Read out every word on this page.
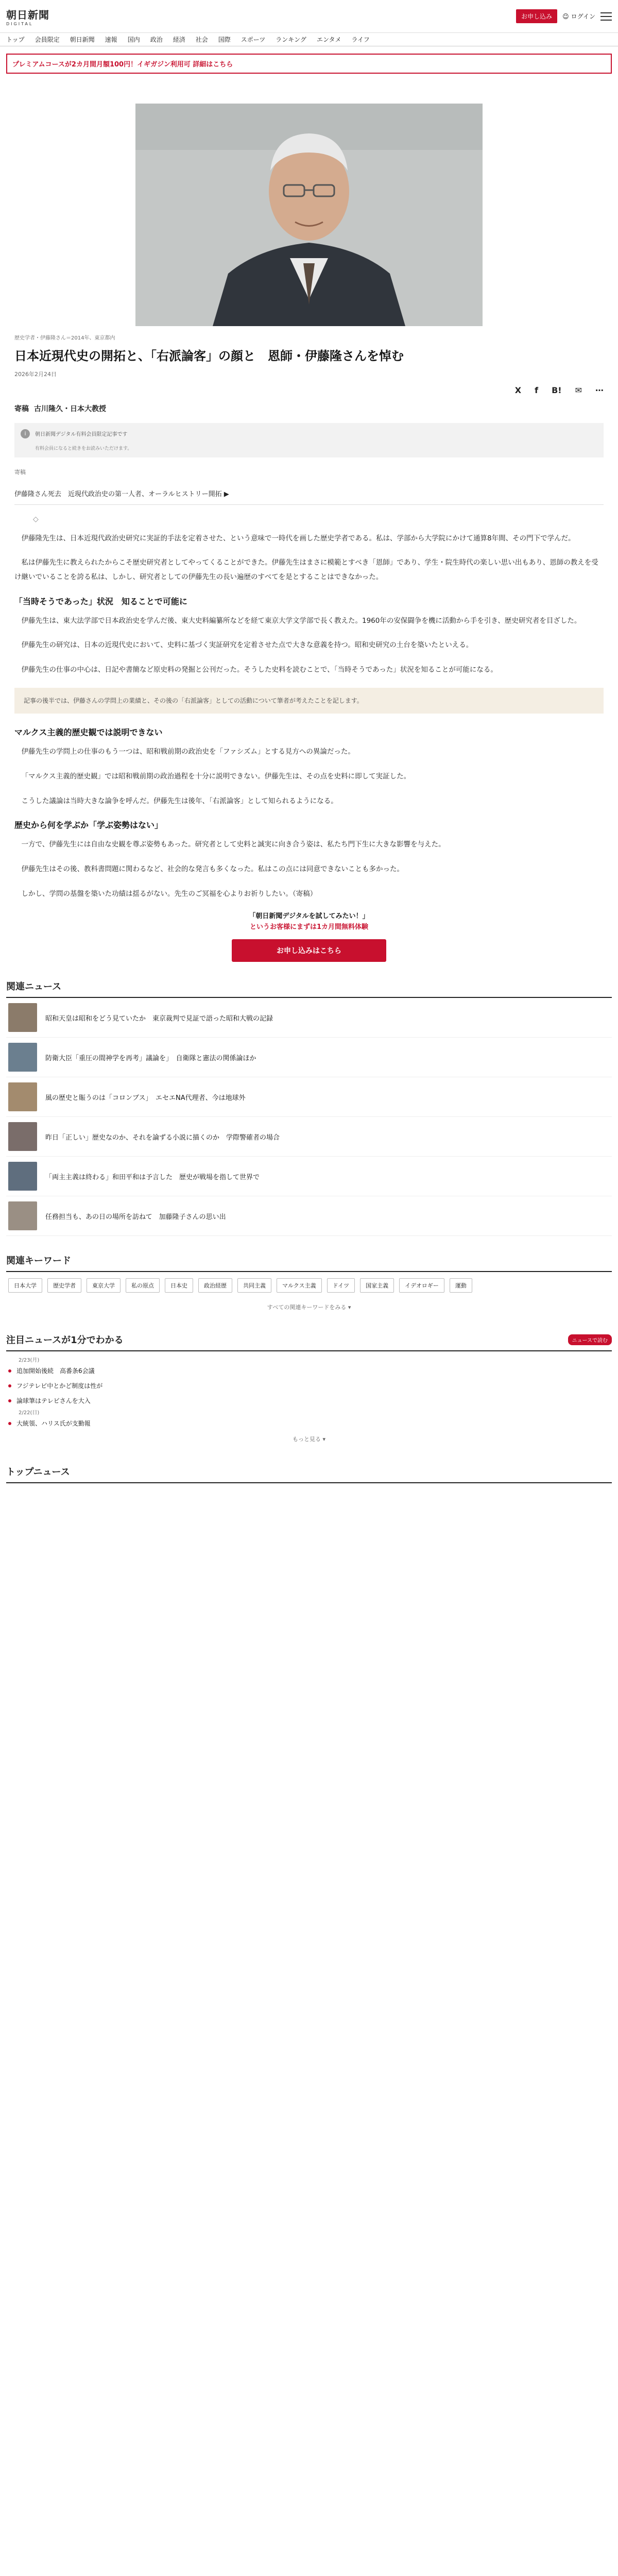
朝日新聞
DIGITAL
お申し込み	☺ ログイン
トップ 会員限定 朝日新聞 速報 国内 政治 経済 社会 国際 スポーツ ランキング エンタメ ライフ
プレミアムコースが2カ月間月額100円！イギガジン利用可 詳細はこちら
歴史学者・伊藤隆さん＝2014年、東京都内
日本近現代史の開拓と、「右派論客」の顔と　恩師・伊藤隆さんを悼む
2026年2月24日
X f B! ✉ ⋯
寄稿 古川隆久・日本大教授
i	朝日新聞デジタル有料会員限定記事です
有料会員になると続きをお読みいただけます。
寄稿
伊藤隆さん死去　近現代政治史の第一人者、オーラルヒストリー開拓 ▶
◇

伊藤隆先生は、日本近現代政治史研究に実証的手法を定着させた、という意味で一時代を画した歴史学者である。私は、学部から大学院にかけて通算8年間、その門下で学んだ。

私は伊藤先生に教えられたからこそ歴史研究者としてやってくることができた。伊藤先生はまさに模範とすべき「恩師」であり、学生・院生時代の楽しい思い出もあり、恩師の教えを受け継いでいることを誇る私は、しかし、研究者としての伊藤先生の長い遍歴のすべてを是とすることはできなかった。

「当時そうであった」状況　知ることで可能に

伊藤先生は、東大法学部で日本政治史を学んだ後、東大史料編纂所などを経て東京大学文学部で長く教えた。1960年の安保闘争を機に活動から手を引き、歴史研究者を目ざした。

伊藤先生の研究は、日本の近現代史において、史料に基づく実証研究を定着させた点で大きな意義を持つ。昭和史研究の土台を築いたといえる。

伊藤先生の仕事の中心は、日記や書簡など原史料の発掘と公刊だった。そうした史料を読むことで、「当時そうであった」状況を知ることが可能になる。

記事の後半では、伊藤さんの学問上の業績と、その後の「右派論客」としての活動について筆者が考えたことを記します。
マルクス主義的歴史観では説明できない

伊藤先生の学問上の仕事のもう一つは、昭和戦前期の政治史を「ファシズム」とする見方への異論だった。

「マルクス主義的歴史観」では昭和戦前期の政治過程を十分に説明できない。伊藤先生は、その点を史料に即して実証した。

こうした議論は当時大きな論争を呼んだ。伊藤先生は後年、「右派論客」として知られるようになる。

歴史から何を学ぶか「学ぶ姿勢はない」

一方で、伊藤先生には自由な史観を尊ぶ姿勢もあった。研究者として史料と誠実に向き合う姿は、私たち門下生に大きな影響を与えた。

伊藤先生はその後、教科書問題に関わるなど、社会的な発言も多くなった。私はこの点には同意できないことも多かった。

しかし、学問の基盤を築いた功績は揺るがない。先生のご冥福を心よりお祈りしたい。（寄稿）

「朝日新聞デジタルを試してみたい！」
というお客様にまずは1カ月間無料体験
お申し込みはこちら
関連ニュース
昭和天皇は昭和をどう見ていたか　東京裁判で見証で語った昭和大戦の記録
防衛大臣「重圧の間神学を再考」議論を」　自衛隊と憲法の関係論ほか
風の歴史と賑うのは「コロンブス」　エセエNA代理者、今は地球外
昨日「正しい」歴史なのか、それを論ずる小説に描くのか　学際警確者の場合
「両主主義は終わる」和田平和は予言した　歴史が戦場を指して世界で
任務担当も、あの日の場所を訪ねて　加藤隆子さんの思い出
関連キーワード
日本大学	歴史学者	東京大学	私の原点	日本史	政治経歴	共同主義	マルクス主義	ドイツ	国家主義	イデオロギー	運動
すべての関連キーワードをみる ▾
注目ニュースが1分でわかる	ニュースで読む
2/23(月)
追加開始後続　高番条6会議
フジテレビ中とかど制度は性が
論球筆はテレビさんを大入
2/22(日)
大統領、ハリス氏が支勤報
もっと見る ▾
トップニュース
